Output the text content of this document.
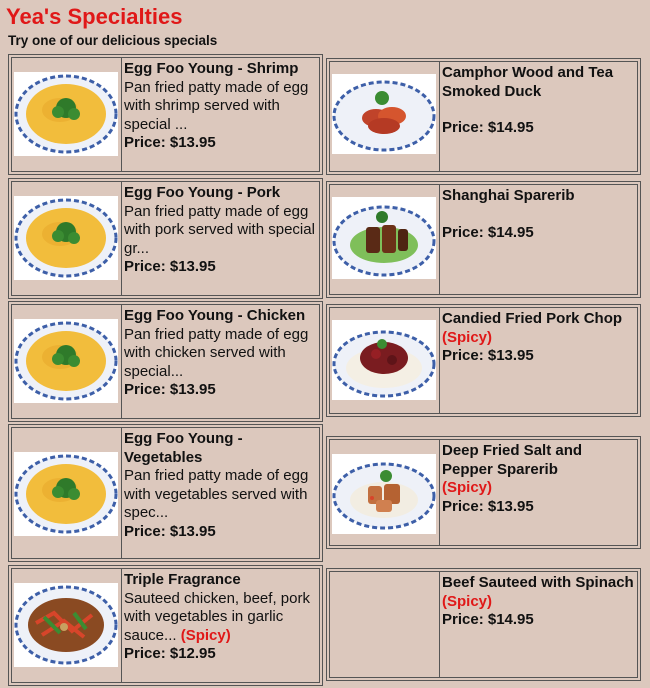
Yea's Specialties
Try one of our delicious specials
Egg Foo Young - Shrimp
Pan fried patty made of egg with shrimp served with special ...
Price: $13.95
Egg Foo Young - Pork
Pan fried patty made of egg with pork served with special gr...
Price: $13.95
Egg Foo Young - Chicken
Pan fried patty made of egg with chicken served with special...
Price: $13.95
Egg Foo Young - Vegetables
Pan fried patty made of egg with vegetables served with spec...
Price: $13.95
Triple Fragrance
Sauteed chicken, beef, pork with vegetables in garlic sauce... (Spicy)
Price: $12.95
Camphor Wood and Tea Smoked Duck
Price: $14.95
Shanghai Sparerib
Price: $14.95
Candied Fried Pork Chop
(Spicy)
Price: $13.95
Deep Fried Salt and Pepper Sparerib
(Spicy)
Price: $13.95
Beef Sauteed with Spinach
(Spicy)
Price: $14.95
